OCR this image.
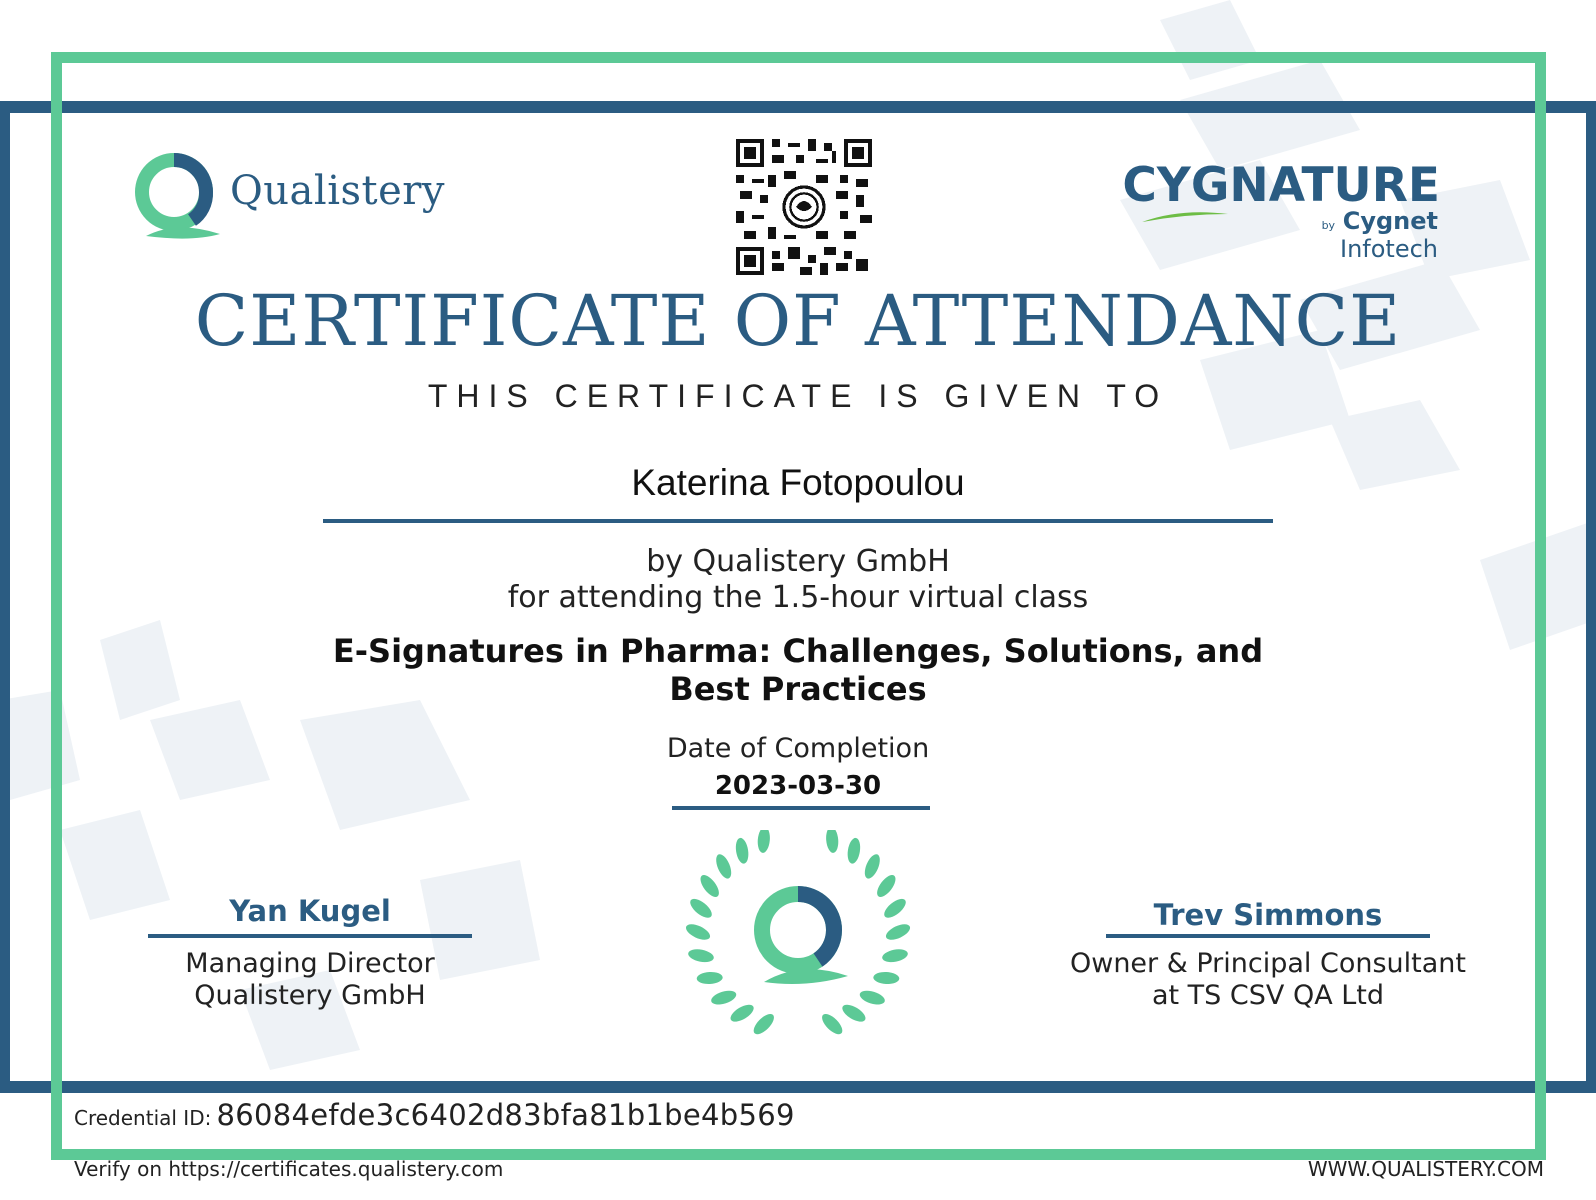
Qualistery	CYGNATURE
by Cygnet Infotech
CERTIFICATE OF ATTENDANCE
THIS CERTIFICATE IS GIVEN TO
Katerina Fotopoulou
by Qualistery GmbH
for attending the 1.5-hour virtual class
E-Signatures in Pharma: Challenges, Solutions, and Best Practices
Date of Completion
2023-03-30
Yan Kugel
Managing Director
Qualistery GmbH
Trev Simmons
Owner & Principal Consultant
at TS CSV QA Ltd
Credential ID: 86084efde3c6402d83bfa81b1be4b569
Verify on https://certificates.qualistery.com	WWW.QUALISTERY.COM
